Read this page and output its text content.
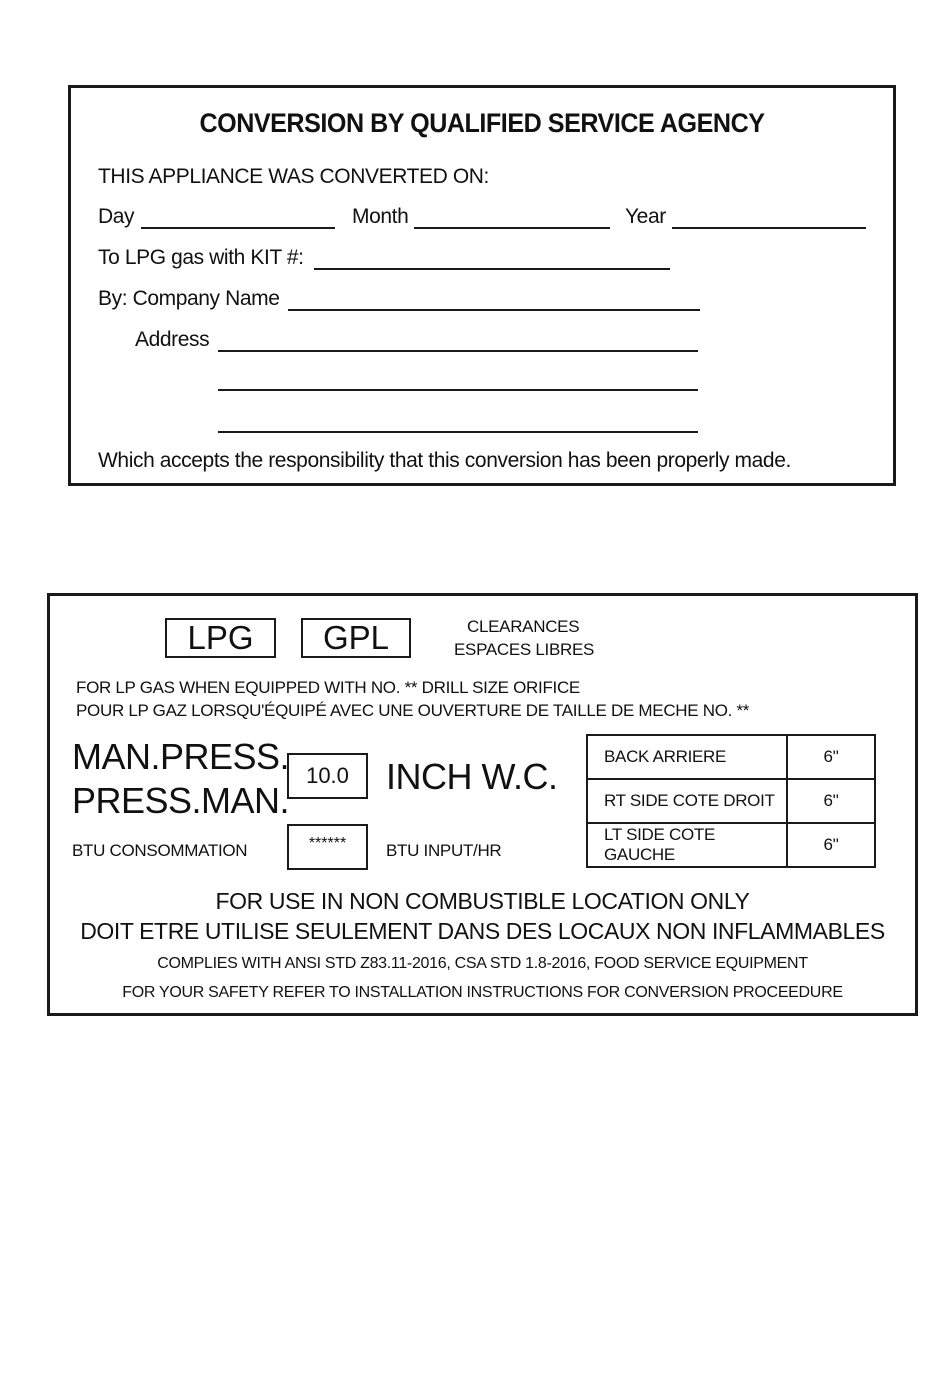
CONVERSION BY QUALIFIED SERVICE AGENCY
THIS APPLIANCE WAS CONVERTED ON:
Day	Month	Year
To LPG gas with KIT #:
By: Company Name
Address
Which accepts the responsibility that this conversion has been properly made.
LPG	GPL	CLEARANCES
ESPACES LIBRES
FOR LP GAS WHEN EQUIPPED WITH NO. ** DRILL SIZE ORIFICE
POUR LP GAZ LORSQU'ÉQUIPÉ AVEC UNE OUVERTURE DE TAILLE DE MECHE NO. **
MAN.PRESS.
PRESS.MAN.
10.0	INCH W.C.
BTU CONSOMMATION	******	BTU INPUT/HR
BACK ARRIERE	6"
RT SIDE COTE DROIT	6"
LT SIDE COTE GAUCHE	6"
FOR USE IN NON COMBUSTIBLE LOCATION ONLY
DOIT ETRE UTILISE SEULEMENT DANS DES LOCAUX NON INFLAMMABLES
COMPLIES WITH ANSI STD Z83.11-2016, CSA STD 1.8-2016, FOOD SERVICE EQUIPMENT
FOR YOUR SAFETY REFER TO INSTALLATION INSTRUCTIONS FOR CONVERSION PROCEEDURE
